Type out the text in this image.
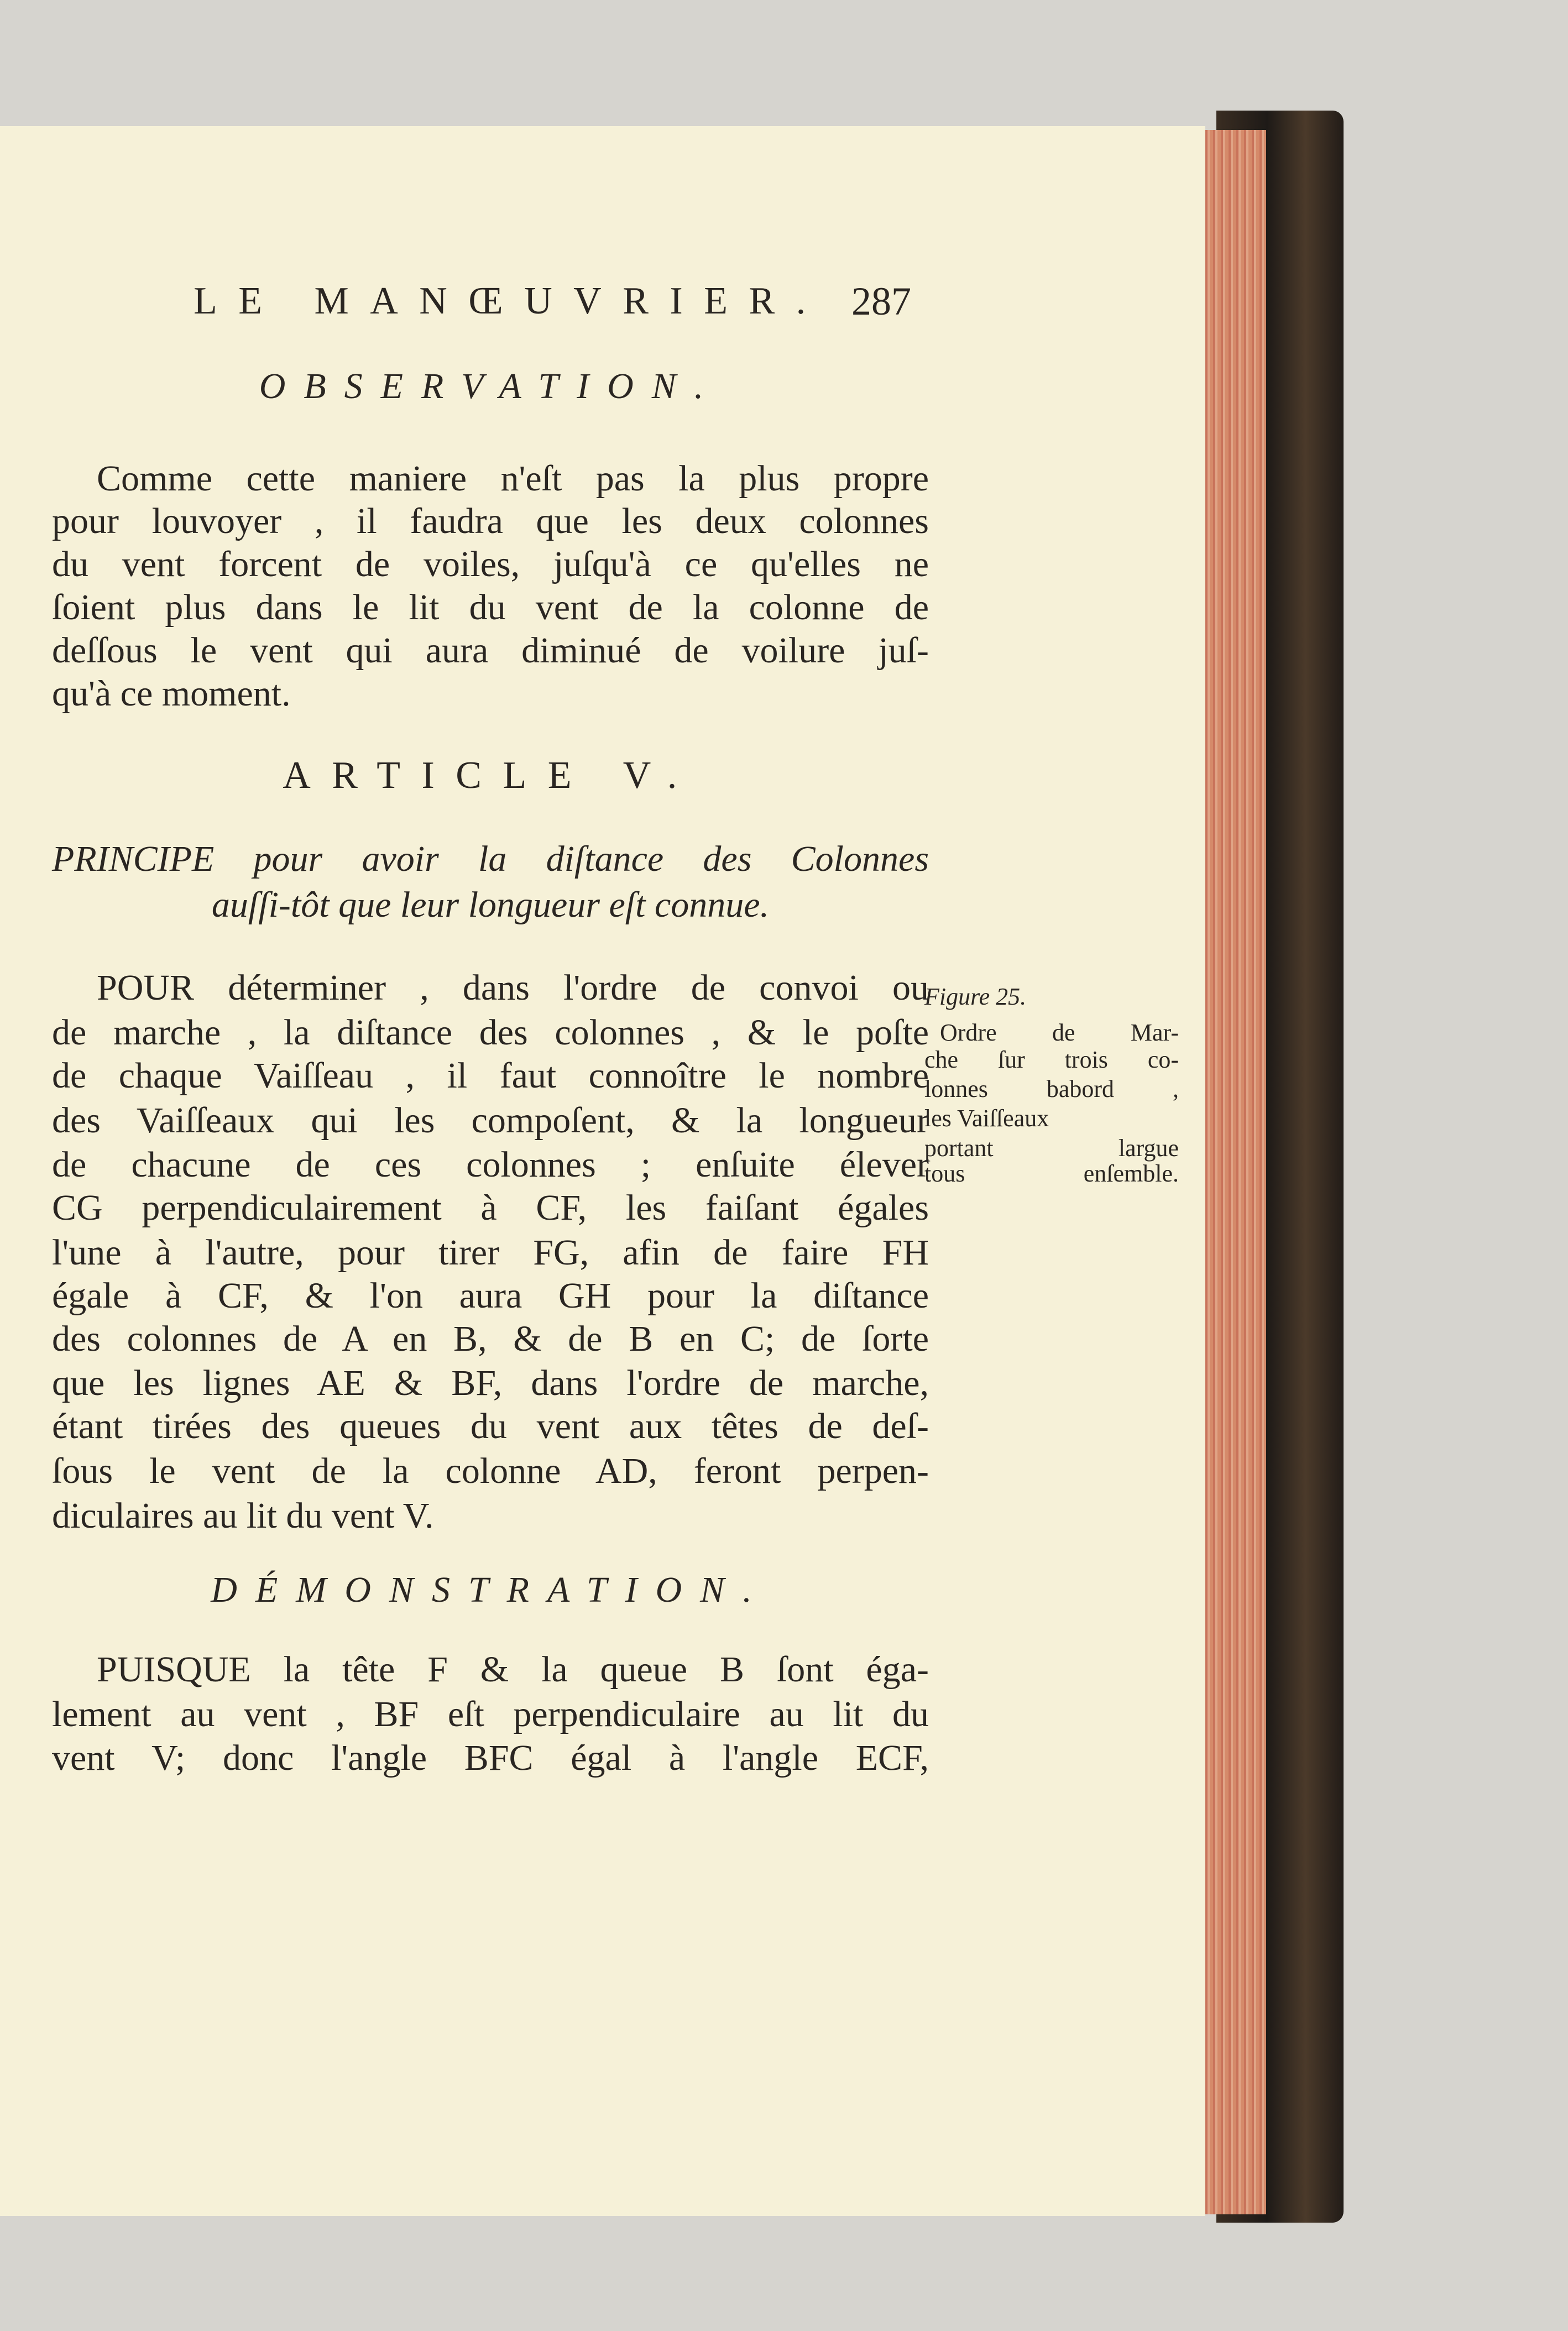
LE MANŒUVRIER. 287
OBSERVATION.
Comme cette maniere n'eſt pas la plus propre
pour louvoyer , il faudra que les deux colonnes
du vent forcent de voiles, juſqu'à ce qu'elles ne
ſoient plus dans le lit du vent de la colonne de
deſſous le vent qui aura diminué de voilure juſ-
qu'à ce moment.
ARTICLE V.
PRINCIPE pour avoir la diſtance des Colonnes
auſſi-tôt que leur longueur eſt connue.
POUR déterminer , dans l'ordre de convoi ou
de marche , la diſtance des colonnes , & le poſte
de chaque Vaiſſeau , il faut connoître le nombre
des Vaiſſeaux qui les compoſent, & la longueur
de chacune de ces colonnes ; enſuite élever
CG perpendiculairement à CF, les faiſant égales
l'une à l'autre, pour tirer FG, afin de faire FH
égale à CF, & l'on aura GH pour la diſtance
des colonnes de A en B, & de B en C; de ſorte
que les lignes AE & BF, dans l'ordre de marche,
étant tirées des queues du vent aux têtes de deſ-
ſous le vent de la colonne AD, feront perpen-
diculaires au lit du vent V.
Figure 25.
Ordre de Mar-
che ſur trois co-
lonnes babord ,
les Vaiſſeaux
portant largue
tous enſemble.
DÉMONSTRATION.
PUISQUE la tête F & la queue B ſont éga-
lement au vent , BF eſt perpendiculaire au lit du
vent V; donc l'angle BFC égal à l'angle ECF,
